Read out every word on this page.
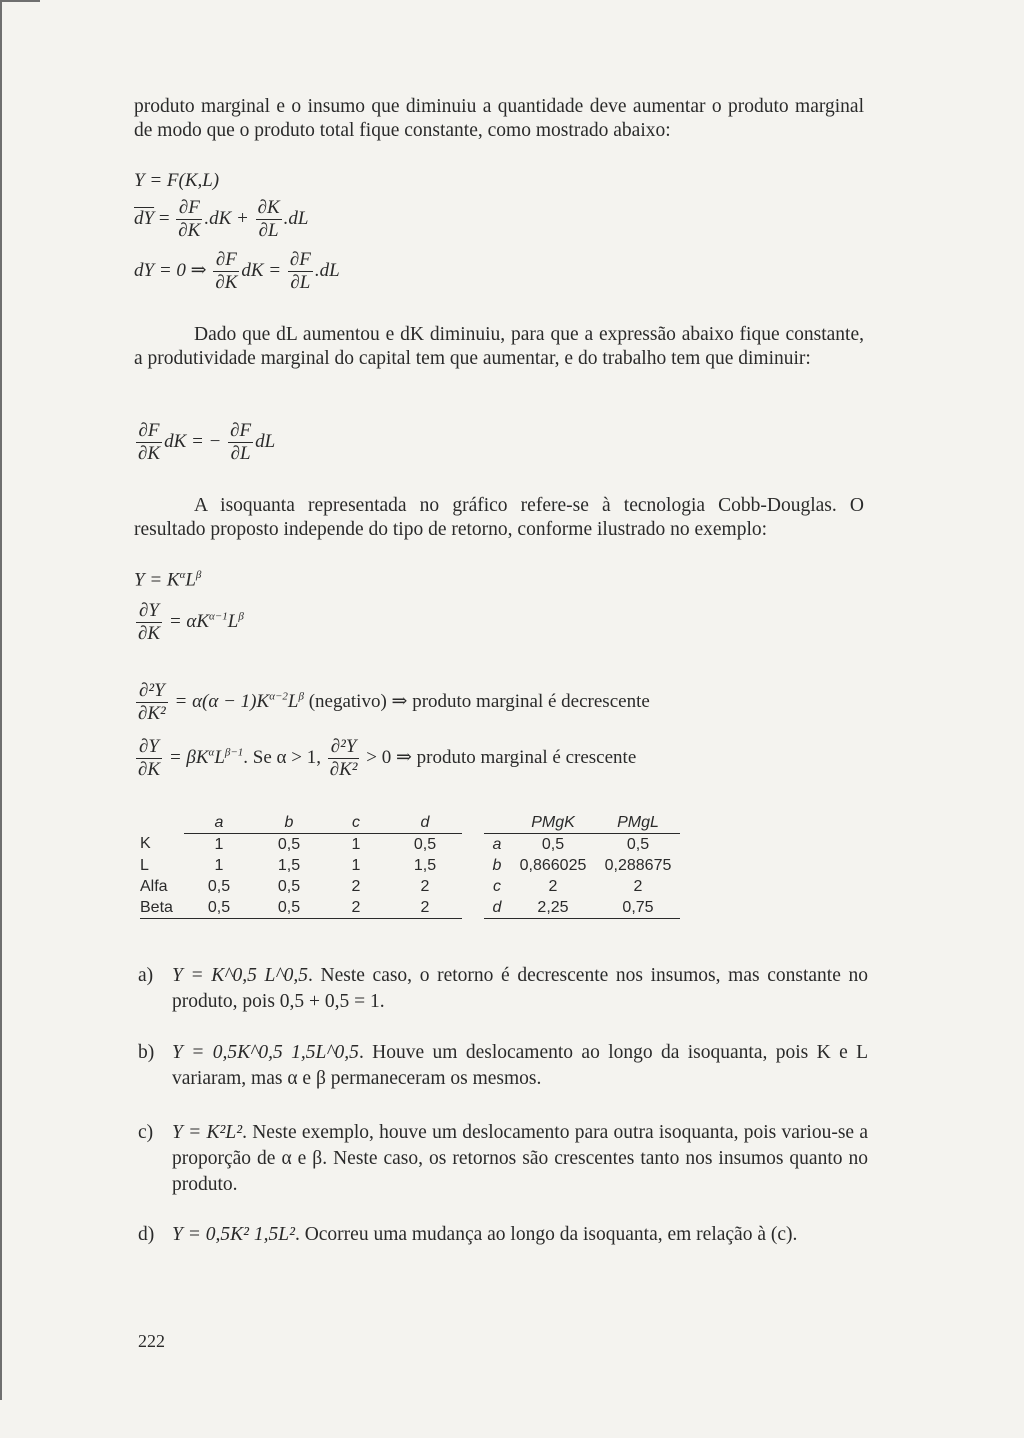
produto marginal e o insumo que diminuiu a quantidade deve aumentar o produto marginal de modo que o produto total fique constante, como mostrado abaixo:
Y = F(K,L)
$\overline{dY} = \frac{\partial F}{\partial K} .dK + \frac{\partial K}{\partial L} .dL$
dY = 0 ⇒ $\frac{\partial F}{\partial K}$ dK = $\frac{\partial F}{\partial L} .dL$
Dado que dL aumentou e dK diminuiu, para que a expressão abaixo fique constante, a produtividade marginal do capital tem que aumentar, e do trabalho tem que diminuir:
$\frac{\partial F}{\partial K}$ dK = − $\frac{\partial F}{\partial L}$ dL
A isoquanta representada no gráfico refere-se à tecnologia Cobb-Douglas. O resultado proposto independe do tipo de retorno, conforme ilustrado no exemplo:
$Y = K^\alpha L^\beta$
$\frac{\partial Y}{\partial K} = \alpha K^{\alpha-1}L^\beta$
$\frac{\text{∂²Y}}{\text{∂K²}} = \alpha(\alpha - 1)K^{\alpha-2}L^\beta$ (negativo) ⇒ produto marginal é decrescente
$\frac{\partial Y}{\partial K} = \beta K^\alpha L^{\beta-1}$. Se α > 1, $\frac{\text{∂²Y}}{\text{∂K²}} > 0$ ⇒ produto marginal é crescente
	a	b	c	d
K	1	0,5	1	0,5
L	1	1,5	1	1,5
Alfa	0,5	0,5	2	2
Beta	0,5	0,5	2	2
	PMgK	PMgL
a	0,5	0,5
b	0,866025	0,288675
c	2	2
d	2,25	0,75
a) Y = K^0,5 L^0,5. Neste caso, o retorno é decrescente nos insumos, mas constante no produto, pois 0,5 + 0,5 = 1.
b) Y = 0,5K^0,5 1,5L^0,5. Houve um deslocamento ao longo da isoquanta, pois K e L variaram, mas α e β permaneceram os mesmos.
c) Y = K²L². Neste exemplo, houve um deslocamento para outra isoquanta, pois variou-se a proporção de α e β. Neste caso, os retornos são crescentes tanto nos insumos quanto no produto.
d) Y = 0,5K² 1,5L². Ocorreu uma mudança ao longo da isoquanta, em relação à (c).
222
